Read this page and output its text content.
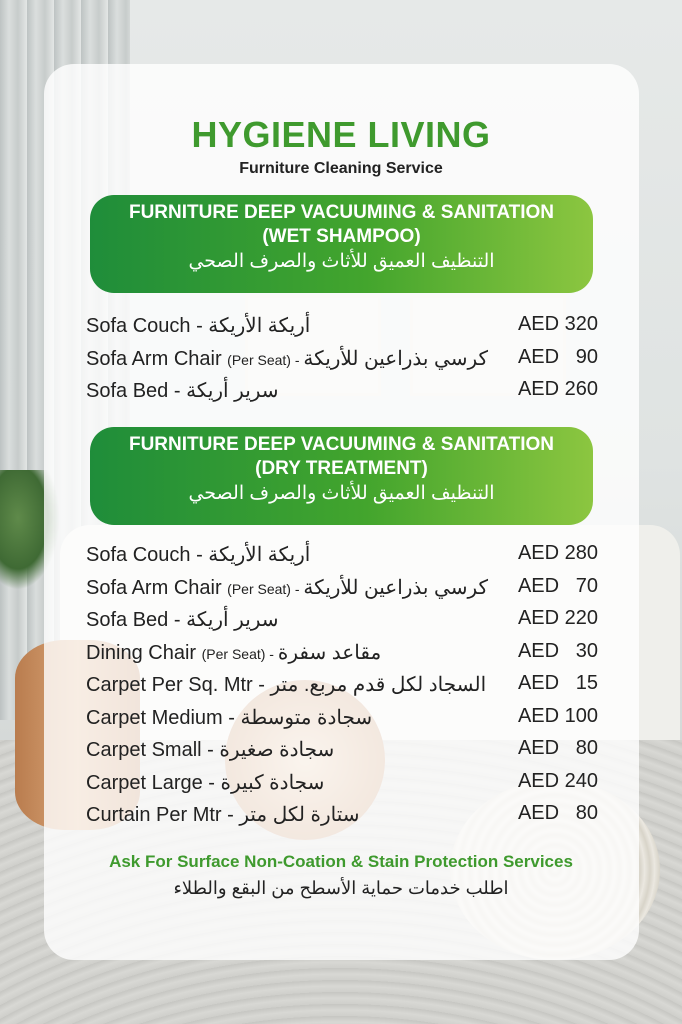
HYGIENE LIVING
Furniture Cleaning Service
FURNITURE DEEP VACUUMING & SANITATION
(WET SHAMPOO)
التنظيف العميق للأثاث والصرف الصحي
Sofa Couch - أريكة الأريكة	AED 320
Sofa Arm Chair (Per Seat) - كرسي بذراعين للأريكة AED   90
Sofa Bed - سرير أريكة	AED 260
FURNITURE DEEP VACUUMING & SANITATION
(DRY TREATMENT)
التنظيف العميق للأثاث والصرف الصحي
Sofa Couch - أريكة الأريكة	AED 280
Sofa Arm Chair (Per Seat) - كرسي بذراعين للأريكة AED   70
Sofa Bed - سرير أريكة	AED 220
Dining Chair (Per Seat) - مقاعد سفرة	AED   30
Carpet Per Sq. Mtr - السجاد لكل قدم مربع. متر AED   15
Carpet Medium - سجادة متوسطة	AED 100
Carpet Small - سجادة صغيرة	AED   80
Carpet Large - سجادة كبيرة	AED 240
Curtain Per Mtr - ستارة لكل متر	AED   80
Ask For Surface Non-Coation & Stain Protection Services
اطلب خدمات حماية الأسطح من البقع والطلاء
